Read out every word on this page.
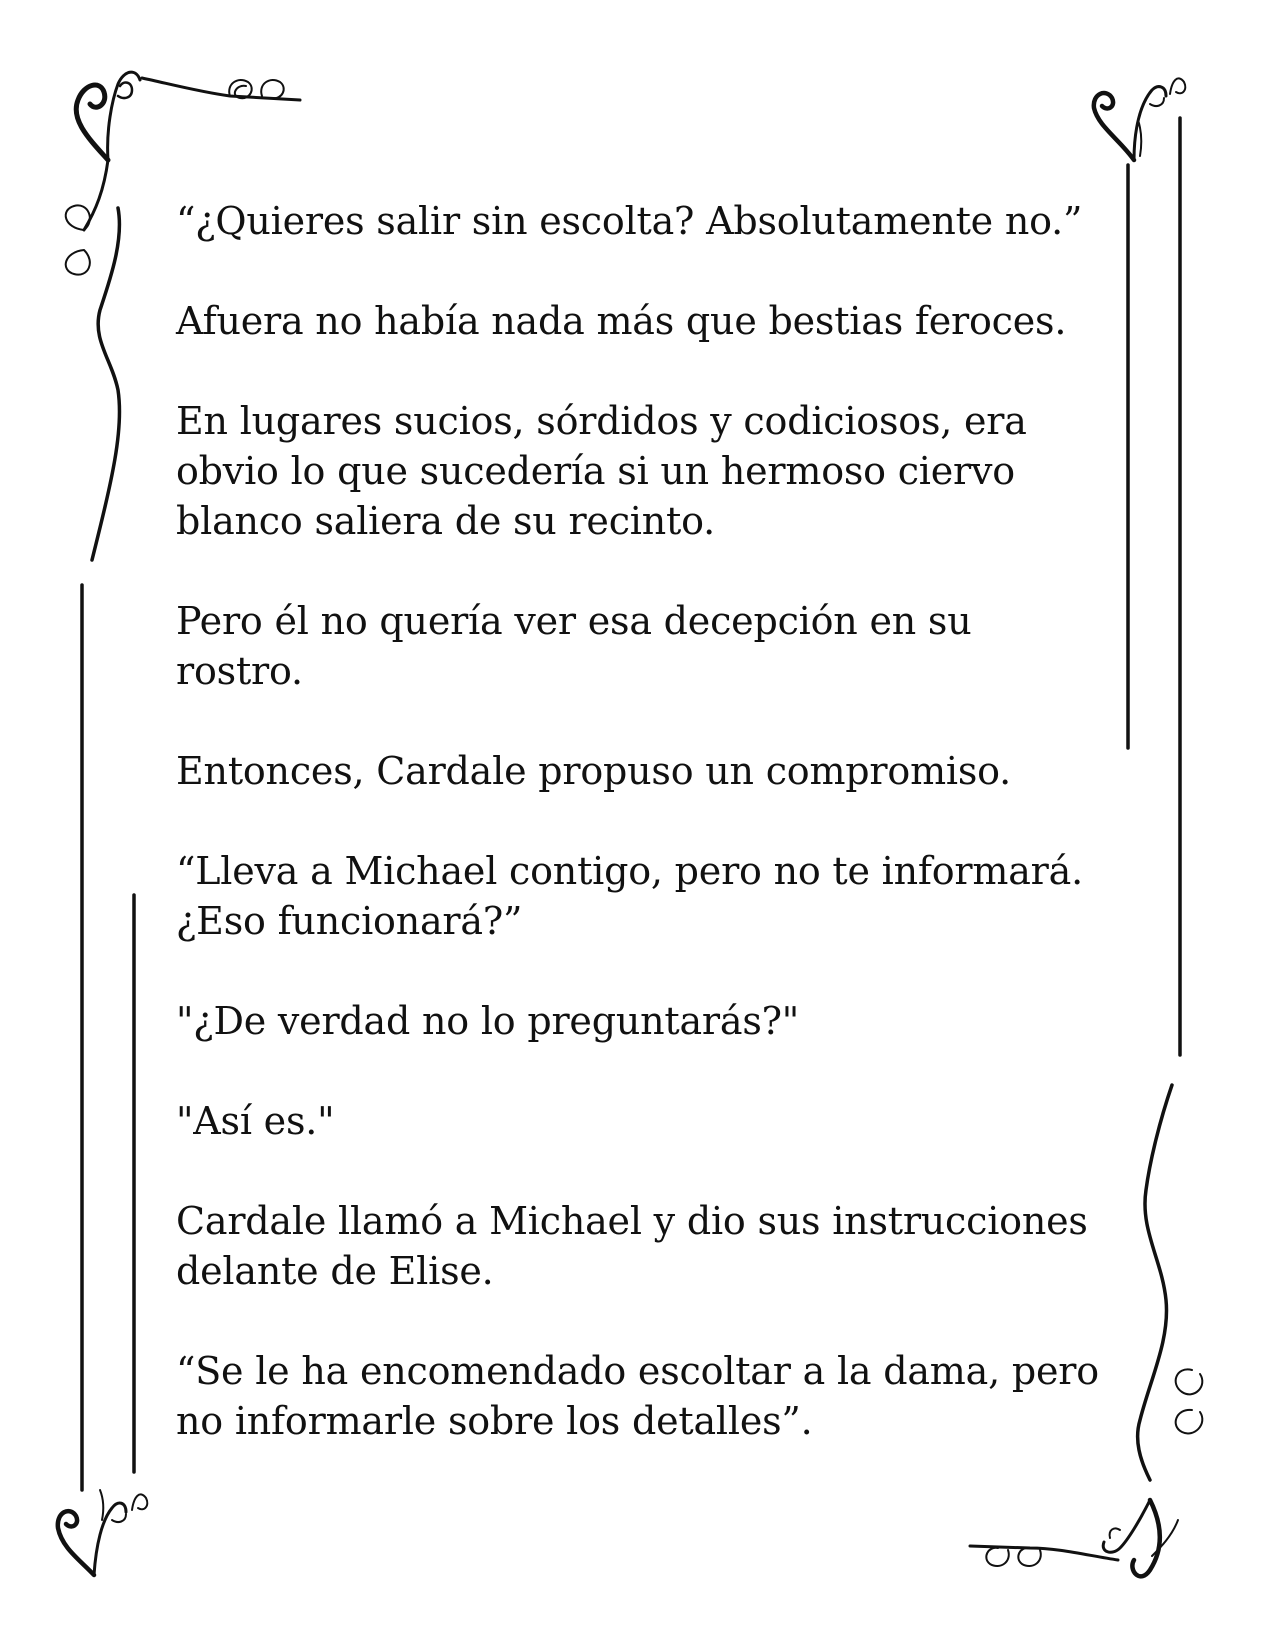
“¿Quieres salir sin escolta? Absolutamente no.”

Afuera no había nada más que bestias feroces.

En lugares sucios, sórdidos y codiciosos, era
obvio lo que sucedería si un hermoso ciervo
blanco saliera de su recinto.

Pero él no quería ver esa decepción en su
rostro.

Entonces, Cardale propuso un compromiso.

“Lleva a Michael contigo, pero no te informará.
¿Eso funcionará?”

"¿De verdad no lo preguntarás?"

"Así es."

Cardale llamó a Michael y dio sus instrucciones
delante de Elise.

“Se le ha encomendado escoltar a la dama, pero
no informarle sobre los detalles”.
